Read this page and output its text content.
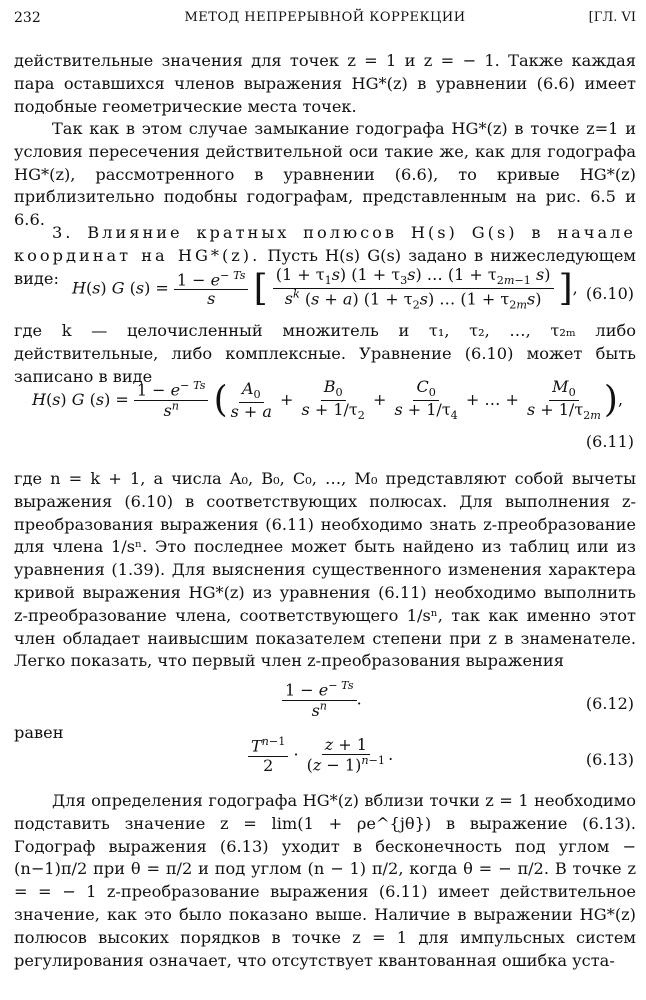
232	МЕТОД НЕПРЕРЫВНОЙ КОРРЕКЦИИ	[ГЛ. VI

действительные значения для точек z = 1 и z = − 1. Также каждая пара оставшихся членов выражения HG*(z) в уравнении (6.6) имеет подобные геометрические места точек.

Так как в этом случае замыкание годографа HG*(z) в точке z=1 и условия пересечения действительной оси такие же, как для годографа HG*(z), рассмотренного в уравнении (6.6), то кривые HG*(z) приблизительно подобны годографам, представленным на рис. 6.5 и 6.6.

3. Влияние кратных полюсов H(s) G(s) в начале координат на HG*(z). Пусть H(s) G(s) задано в нижеследующем виде:

H(s) G $(s) = \frac{1 - e^{- Ts}}{s}$ [ $\frac{(1 + \tau_1s) (1 + \tau_3s) \dots (1 + \tau_{2m-1} s)}{s^k (s + a) (1 + \tau_2s) \dots (1 + \tau_{2m}s)}$ ], (6.10)

где k — целочисленный множитель и τ₁, τ₂, …, τ₂ₘ либо действительные, либо комплексные. Уравнение (6.10) может быть записано в виде

H(s) G $(s) = \frac{1 - e^{- Ts}}{s^n}$ ( $\frac{A_0}{s + a} + \frac{B_0}{s + 1/\tau_2} + \frac{C_0}{s + 1/\tau_4}$ + … + $\frac{M_0}{s + 1/\tau_{2m}}$ ),
(6.11)

где n = k + 1, а числа A₀, B₀, C₀, …, M₀ представляют собой вычеты выражения (6.10) в соответствующих полюсах. Для выполнения z-преобразования выражения (6.11) необходимо знать z-преобразование для члена 1/sⁿ. Это последнее может быть найдено из таблиц или из уравнения (1.39). Для выяснения существенного изменения характера кривой выражения HG*(z) из уравнения (6.11) необходимо выполнить z-преобразование члена, соответствующего 1/sⁿ, так как именно этот член обладает наивысшим показателем степени при z в знаменателе. Легко показать, что первый член z-преобразования выражения

$\frac{1 - e^{- Ts}}{s^n}$ .	(6.12)

равен

$\frac{T^{n-1}}{2} \cdot \frac{z + 1}{(z - 1)^{n-1}}$ .	(6.13)

Для определения годографа HG*(z) вблизи точки z = 1 необходимо подставить значение z = lim(1 + ρe^{jθ}) в выражение (6.13). Годограф выражения (6.13) уходит в бесконечность под углом −(n−1)π/2 при θ = π/2 и под углом (n − 1) π/2, когда θ = − π/2. В точке z = = − 1 z-преобразование выражения (6.11) имеет действительное значение, как это было показано выше. Наличие в выражении HG*(z) полюсов высоких порядков в точке z = 1 для импульсных систем регулирования означает, что отсутствует квантованная ошибка уста-
